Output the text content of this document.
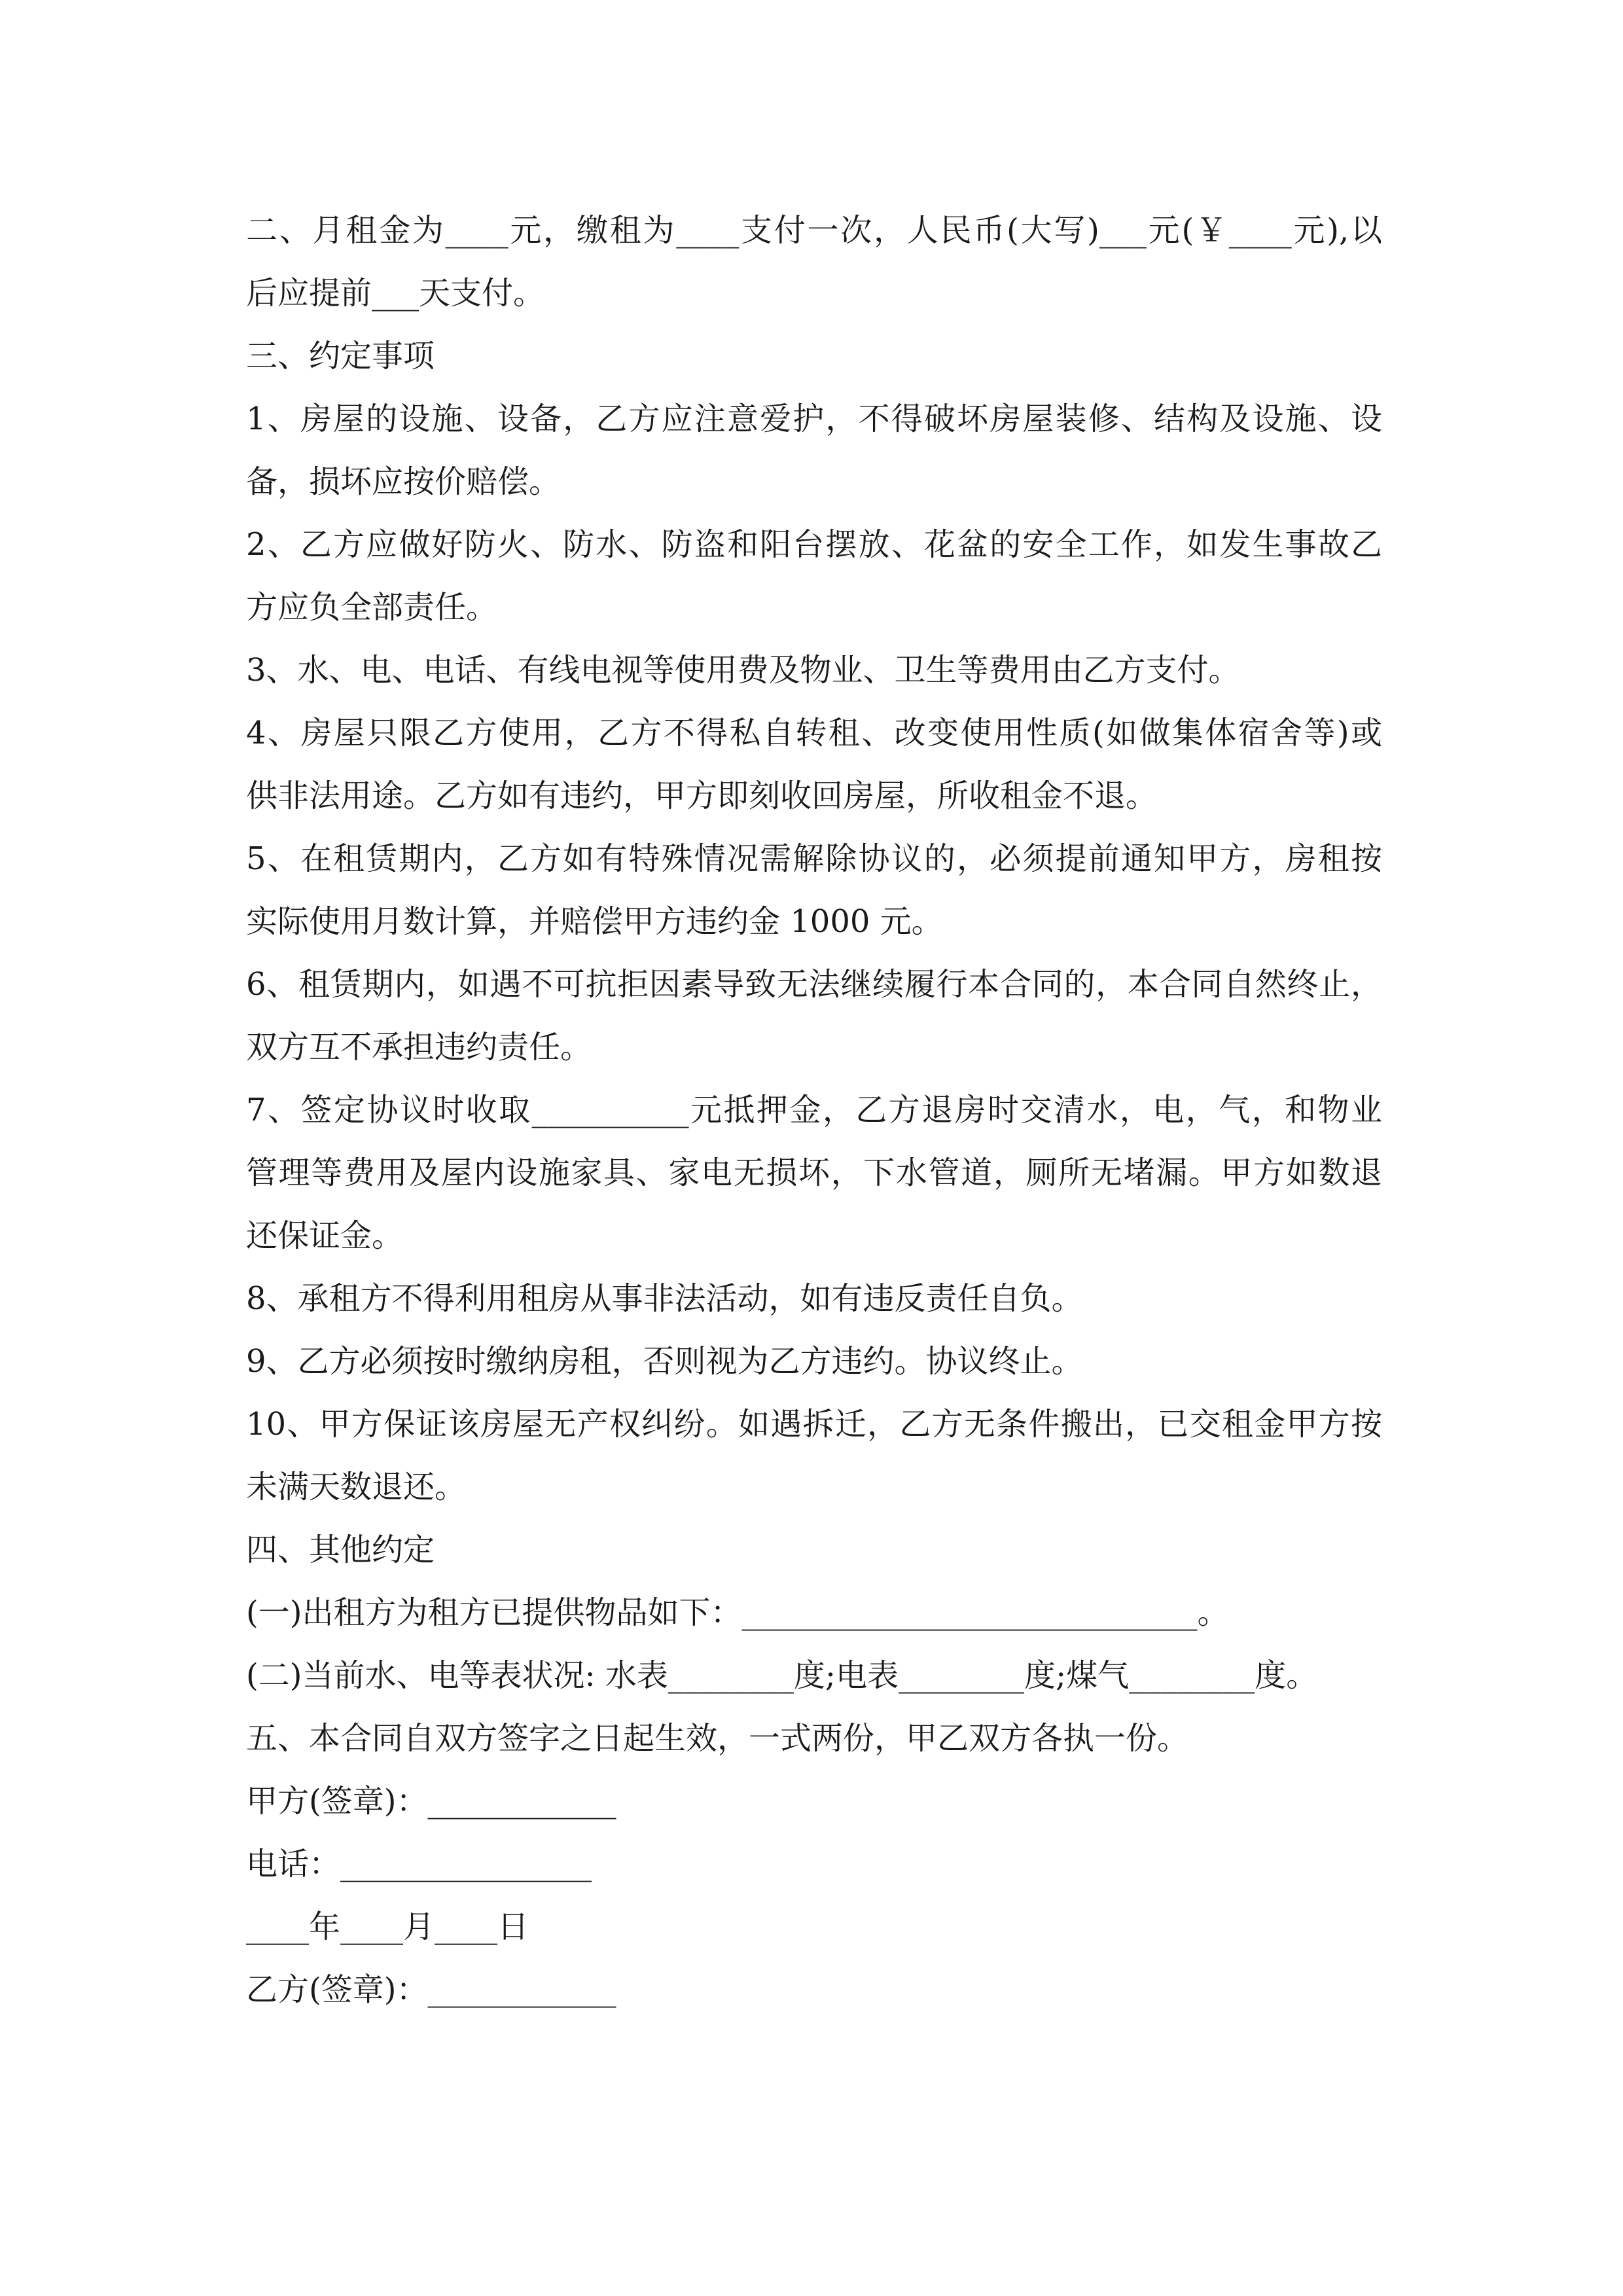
二、月租金为____元，缴租为____支付一次，人民币(大写)___元(￥____元),以
后应提前___天支付。
三、约定事项
1、房屋的设施、设备，乙方应注意爱护，不得破坏房屋装修、结构及设施、设
备，损坏应按价赔偿。
2、乙方应做好防火、防水、防盗和阳台摆放、花盆的安全工作，如发生事故乙
方应负全部责任。
3、水、电、电话、有线电视等使用费及物业、卫生等费用由乙方支付。
4、房屋只限乙方使用，乙方不得私自转租、改变使用性质(如做集体宿舍等)或
供非法用途。乙方如有违约，甲方即刻收回房屋，所收租金不退。
5、在租赁期内，乙方如有特殊情况需解除协议的，必须提前通知甲方，房租按
实际使用月数计算，并赔偿甲方违约金 1000 元。
6、租赁期内，如遇不可抗拒因素导致无法继续履行本合同的，本合同自然终止，
双方互不承担违约责任。
7、签定协议时收取__________元抵押金，乙方退房时交清水，电，气，和物业
管理等费用及屋内设施家具、家电无损坏，下水管道，厕所无堵漏。甲方如数退
还保证金。
8、承租方不得利用租房从事非法活动，如有违反责任自负。
9、乙方必须按时缴纳房租，否则视为乙方违约。协议终止。
10、甲方保证该房屋无产权纠纷。如遇拆迁，乙方无条件搬出，已交租金甲方按
未满天数退还。
四、其他约定
(一)出租方为租方已提供物品如下：_____________________________。
(二)当前水、电等表状况: 水表________度;电表________度;煤气________度。
五、本合同自双方签字之日起生效，一式两份，甲乙双方各执一份。
甲方(签章)：____________
电话：________________
____年____月____日
乙方(签章)：____________
